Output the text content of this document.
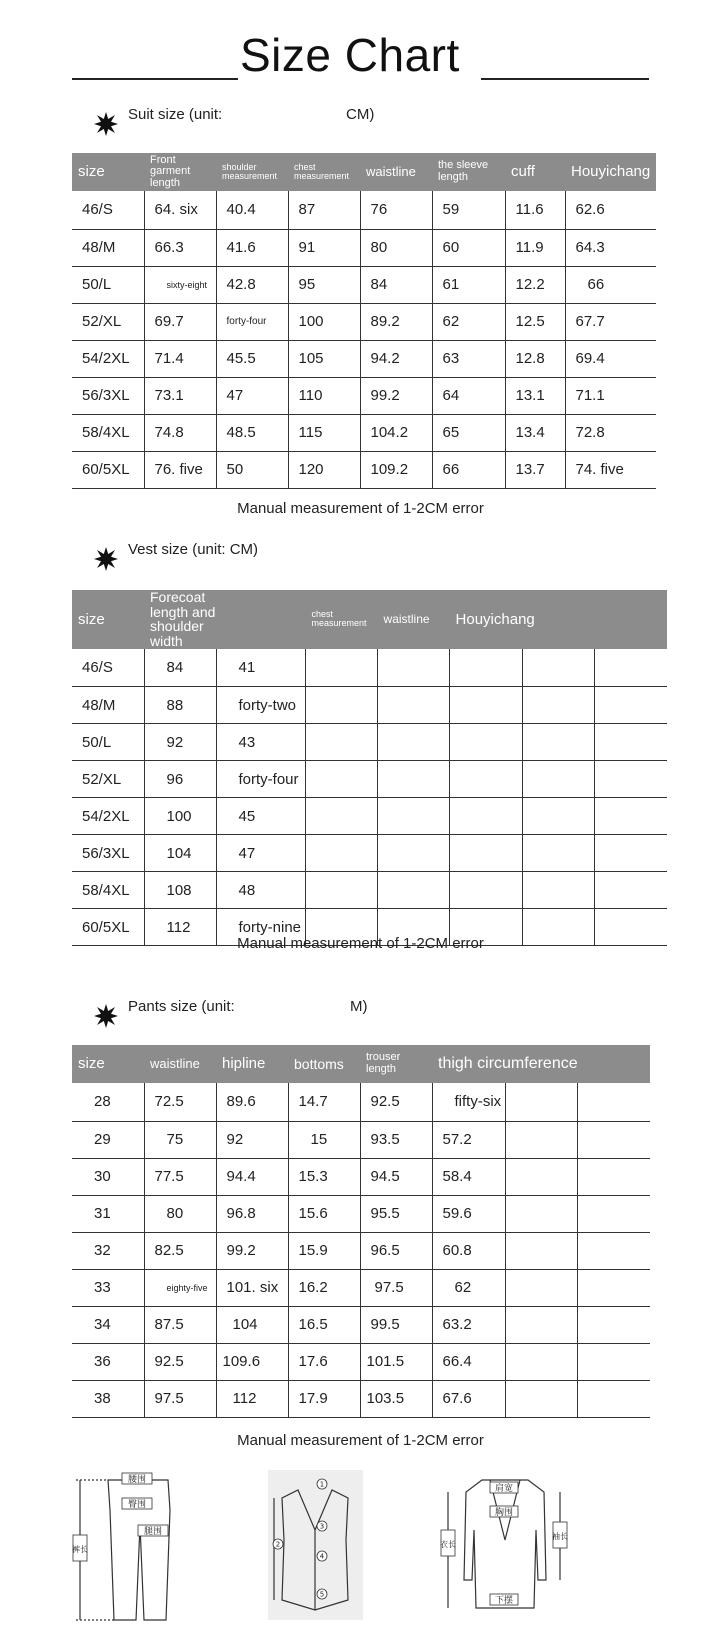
Size Chart
Suit size (unit:	CM)
size	Front garment length	shoulder measurement	chest measurement	waistline	the sleeve length	cuff	Houyichang
46/S	64. six	40.4	87	76	59	11.6	62.6
48/M	66.3	41.6	91	80	60	11.9	64.3
50/L	sixty-eight	42.8	95	84	61	12.2	66
52/XL	69.7	forty-four	100	89.2	62	12.5	67.7
54/2XL	71.4	45.5	105	94.2	63	12.8	69.4
56/3XL	73.1	47	110	99.2	64	13.1	71.1
58/4XL	74.8	48.5	115	104.2	65	13.4	72.8
60/5XL	76. five	50	120	109.2	66	13.7	74. five
Manual measurement of 1-2CM error
Vest size (unit: CM)
size	Forecoat length and shoulder width		chest measurement	waistline	Houyichang		
46/S	84	41					
48/M	88	forty-two					
50/L	92	43					
52/XL	96	forty-four					
54/2XL	100	45					
56/3XL	104	47					
58/4XL	108	48					
60/5XL	112	forty-nine					
Manual measurement of 1-2CM error
Pants size (unit:	M)
size	waistline	hipline	bottoms	trouser length	thigh circumference		
28	72.5	89.6	14.7	92.5	fifty-six		
29	75	92	15	93.5	57.2		
30	77.5	94.4	15.3	94.5	58.4		
31	80	96.8	15.6	95.5	59.6		
32	82.5	99.2	15.9	96.5	60.8		
33	eighty-five	101. six	16.2	97.5	62		
34	87.5	104	16.5	99.5	63.2		
36	92.5	109.6	17.6	101.5	66.4		
38	97.5	112	17.9	103.5	67.6		
Manual measurement of 1-2CM error
腰围
臀围
腿围
裤长
1
2
3
4
5
肩宽
胸围
下摆
衣长
袖长
